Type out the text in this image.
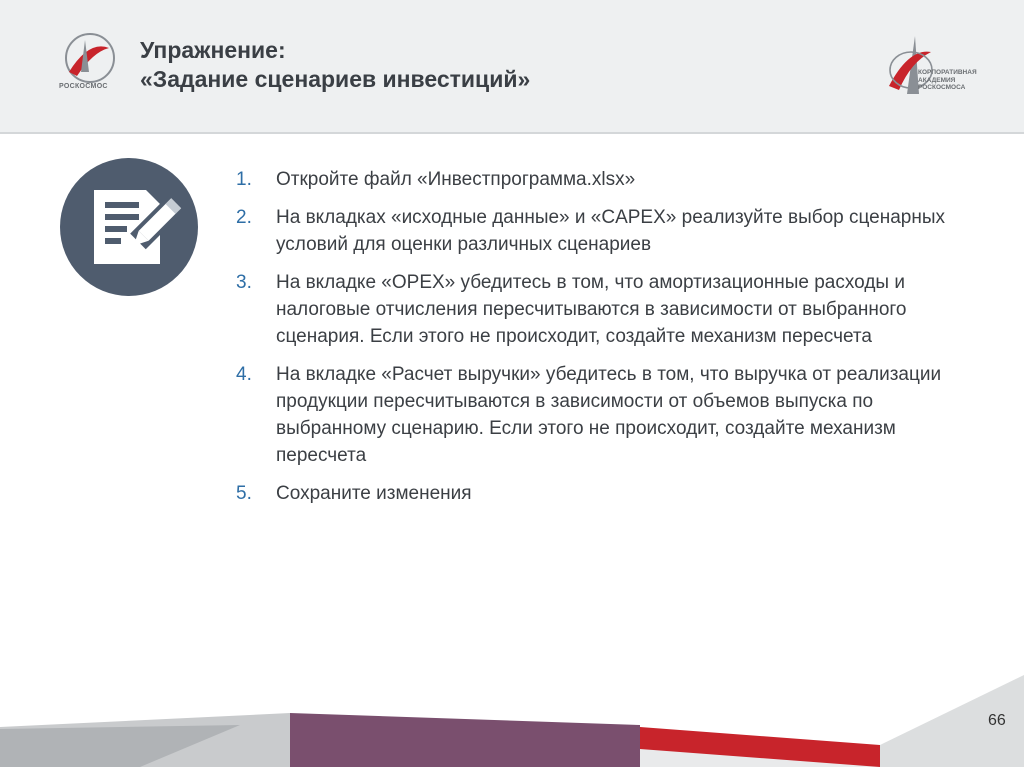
РОСКОСМОС
Упражнение:
«Задание сценариев инвестиций»	КОРПОРАТИВНАЯ
АКАДЕМИЯ
РОСКОСМОСА
1.	Откройте файл «Инвестпрограмма.xlsx»
2.	На вкладках «исходные данные» и «CAPEX» реализуйте выбор сценарных условий для оценки различных сценариев
3.	На вкладке «OPEX» убедитесь в том, что амортизационные расходы и налоговые отчисления пересчитываются в зависимости от выбранного сценария. Если этого не происходит, создайте механизм пересчета
4.	На вкладке «Расчет выручки» убедитесь в том, что выручка от реализации продукции пересчитываются в зависимости от объемов выпуска по выбранному сценарию. Если этого не происходит, создайте механизм пересчета
5.	Сохраните изменения
66
